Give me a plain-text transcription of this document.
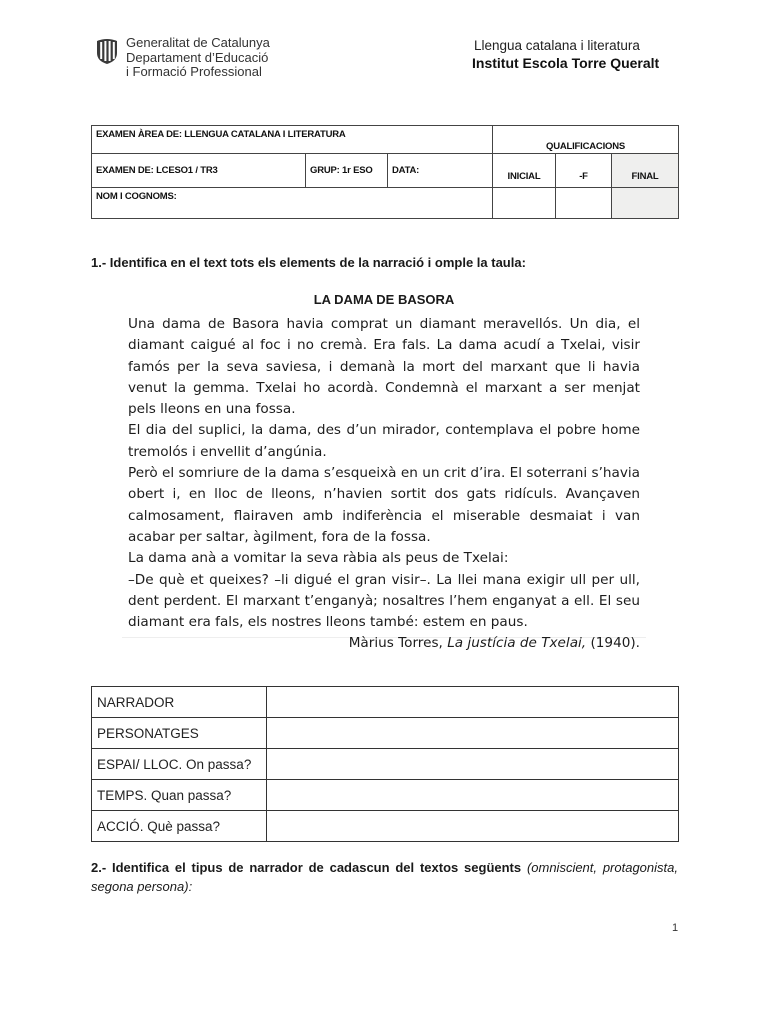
Generalitat de Catalunya
Departament d’Educació
i Formació Professional
Llengua catalana i literatura
Institut Escola Torre Queralt
EXAMEN ÀREA DE: LLENGUA CATALANA I LITERATURA			QUALIFICACIONS		
EXAMEN DE: LCESO1 / TR3	GRUP: 1r ESO	DATA:	INICIAL	-F	FINAL
NOM I COGNOMS:					
1.- Identifica en el text tots els elements de la narració i omple la taula:
LA DAMA DE BASORA

Una dama de Basora havia comprat un diamant meravellós. Un dia, el diamant caigué al foc i no cremà. Era fals. La dama acudí a Txelai, visir famós per la seva saviesa, i demanà la mort del marxant que li havia venut la gemma. Txelai ho acordà. Condemnà el marxant a ser menjat pels lleons en una fossa.

El dia del suplici, la dama, des d’un mirador, contemplava el pobre home tremolós i envellit d’angúnia.

Però el somriure de la dama s’esqueixà en un crit d’ira. El soterrani s’havia obert i, en lloc de lleons, n’havien sortit dos gats ridículs. Avançaven calmosament, flairaven amb indiferència el miserable desmaiat i van acabar per saltar, àgilment, fora de la fossa.

La dama anà a vomitar la seva ràbia als peus de Txelai:

–De què et queixes? –li digué el gran visir–. La llei mana exigir ull per ull, dent perdent. El marxant t’enganyà; nosaltres l’hem enganyat a ell. El seu diamant era fals, els nostres lleons també: estem en paus.

Màrius Torres, La justícia de Txelai, (1940).

NARRADOR	
PERSONATGES	
ESPAI/ LLOC. On passa?	
TEMPS. Quan passa?	
ACCIÓ. Què passa?	
2.- Identifica el tipus de narrador de cadascun del textos següents (omniscient, protagonista, segona persona):
1
